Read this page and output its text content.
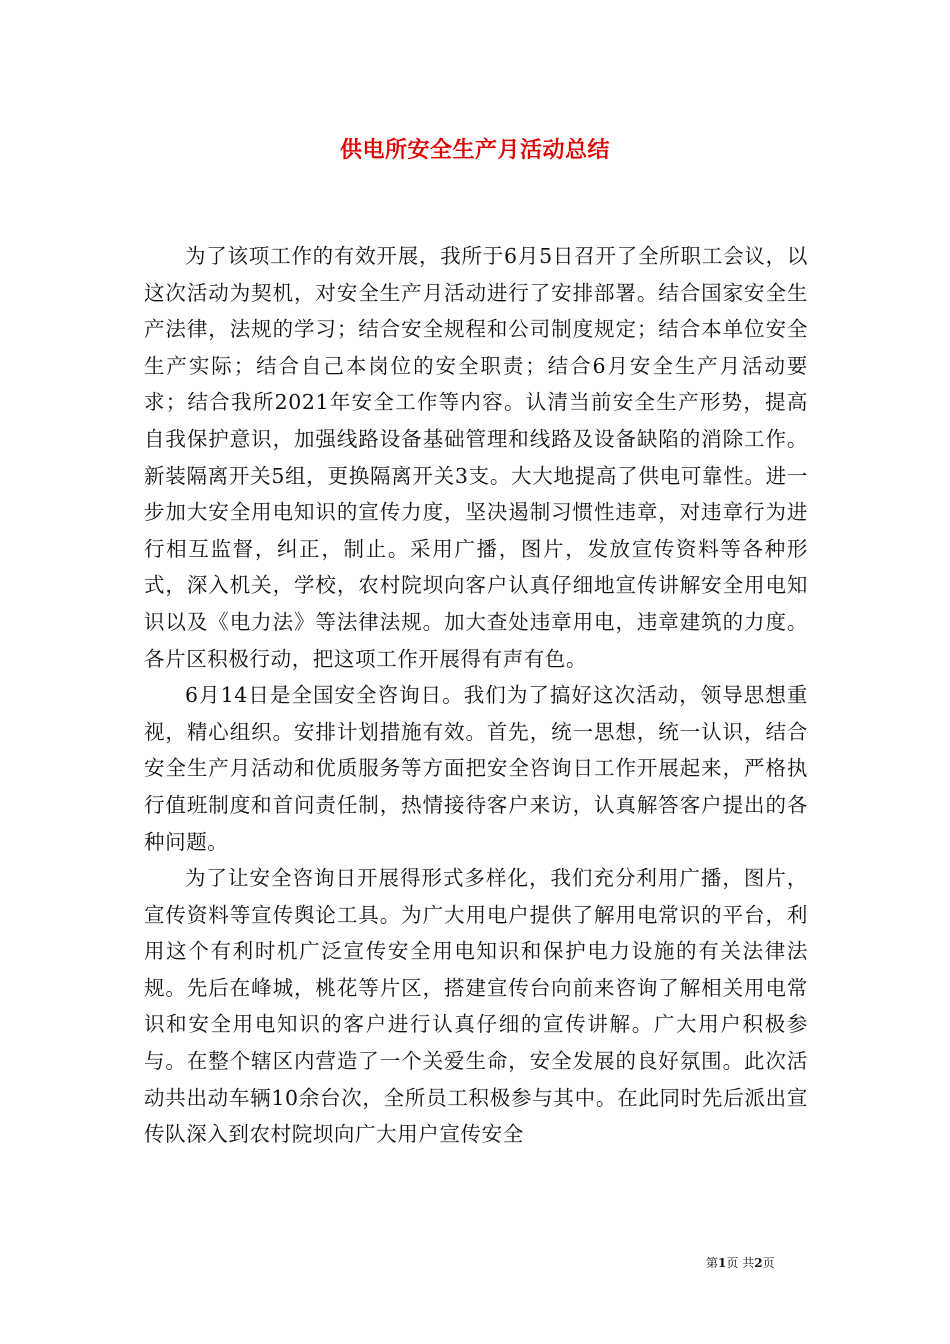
供电所安全生产月活动总结

为了该项工作的有效开展，我所于6月5日召开了全所职工会议，以这次活动为契机，对安全生产月活动进行了安排部署。结合国家安全生产法律，法规的学习；结合安全规程和公司制度规定；结合本单位安全生产实际；结合自己本岗位的安全职责；结合6月安全生产月活动要求；结合我所2021年安全工作等内容。认清当前安全生产形势，提高自我保护意识，加强线路设备基础管理和线路及设备缺陷的消除工作。新装隔离开关5组，更换隔离开关3支。大大地提高了供电可靠性。进一步加大安全用电知识的宣传力度，坚决遏制习惯性违章，对违章行为进行相互监督，纠正，制止。采用广播，图片，发放宣传资料等各种形式，深入机关，学校，农村院坝向客户认真仔细地宣传讲解安全用电知识以及《电力法》等法律法规。加大查处违章用电，违章建筑的力度。各片区积极行动，把这项工作开展得有声有色。

6月14日是全国安全咨询日。我们为了搞好这次活动，领导思想重视，精心组织。安排计划措施有效。首先，统一思想，统一认识，结合安全生产月活动和优质服务等方面把安全咨询日工作开展起来，严格执行值班制度和首问责任制，热情接待客户来访，认真解答客户提出的各种问题。

为了让安全咨询日开展得形式多样化，我们充分利用广播，图片，宣传资料等宣传舆论工具。为广大用电户提供了解用电常识的平台，利用这个有利时机广泛宣传安全用电知识和保护电力设施的有关法律法规。先后在峰城，桃花等片区，搭建宣传台向前来咨询了解相关用电常识和安全用电知识的客户进行认真仔细的宣传讲解。广大用户积极参与。在整个辖区内营造了一个关爱生命，安全发展的良好氛围。此次活动共出动车辆10余台次，全所员工积极参与其中。在此同时先后派出宣传队深入到农村院坝向广大用户宣传安全

第1页 共2页
